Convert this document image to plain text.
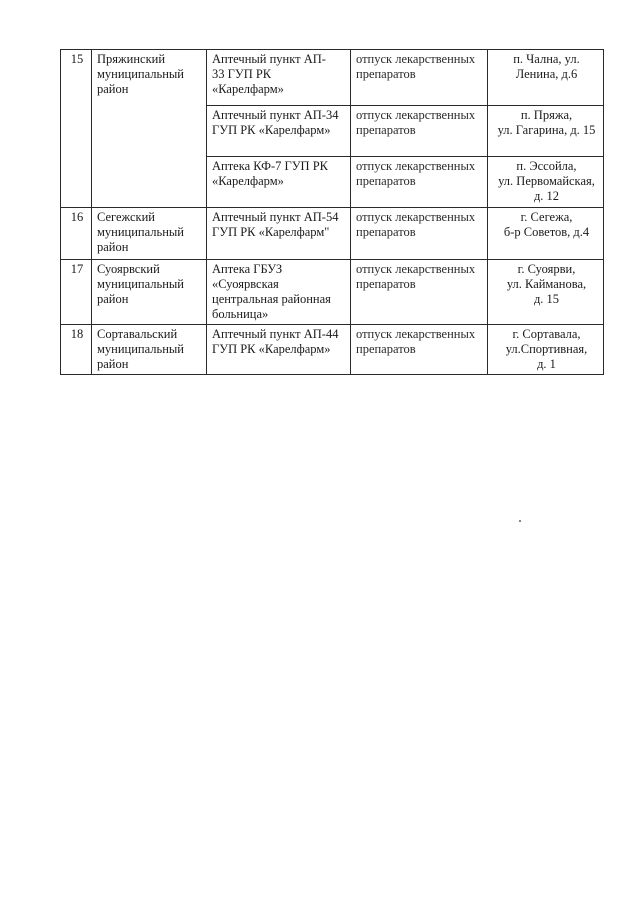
15	Пряжинский
муниципальный
район	Аптечный пункт АП-
33 ГУП РК
«Карелфарм»	отпуск лекарственных
препаратов	п. Чална, ул.
Ленина, д.6

		Аптечный пункт АП-34
ГУП РК «Карелфарм»	отпуск лекарственных
препаратов	п. Пряжа,
ул. Гагарина, д. 15

		Аптека КФ-7 ГУП РК
«Карелфарм»	отпуск лекарственных
препаратов	п. Эссойла,
ул. Первомайская,
д. 12

16	Сегежский
муниципальный
район	Аптечный пункт АП-54
ГУП РК «Карелфарм"	отпуск лекарственных
препаратов	г. Сегежа,
б-р Советов, д.4

17	Суоярвский
муниципальный
район	Аптека ГБУЗ
«Суоярвская
центральная районная
больница»	отпуск лекарственных
препаратов	г. Суоярви,
ул. Кайманова,
д. 15

18	Сортавальский
муниципальный
район	Аптечный пункт АП-44
ГУП РК «Карелфарм»	отпуск лекарственных
препаратов	г. Сортавала,
ул.Спортивная,
д. 1
